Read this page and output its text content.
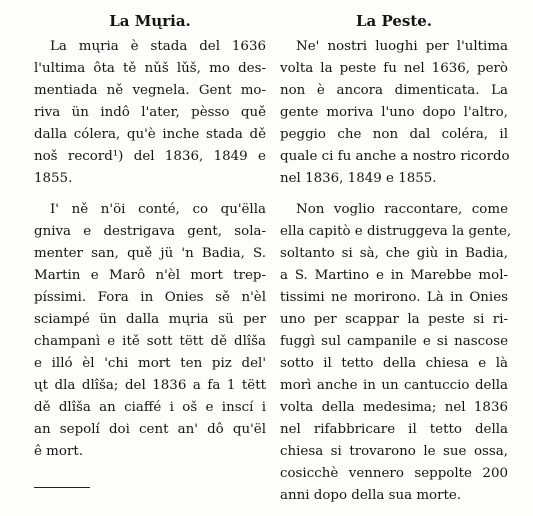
La Mųria.
La mųria è stada del 1636
l'ultima ôta tě nǔš lǔš, mo des-
mentiada ně vegnela. Gent mo-
riva ün indô l'ater, pèsso quě
dalla cólera, qu'è inche stada dě
noš record¹) del 1836, 1849 e
1855.
I' ně n'öi conté, co qu'ëlla
gniva e destrigava gent, sola-
menter san, quě jü 'n Badia, S.
Martin e Marô n'èl mort trep-
píssimi. Fora in Onies sě n'èl
sciampé ün dalla mųria sü per
champanì e itě sott tëtt dě dlîša
e illó èl 'chi mort ten piz del'
ųt dla dlîša; del 1836 a fa 1 tëtt
dě dlîša an ciaffé i oš e inscí i
an sepolí doi cent an' dô qu'ël
ê mort.
La Peste.
Ne' nostri luoghi per l'ultima
volta la peste fu nel 1636, però
non è ancora dimenticata. La
gente moriva l'uno dopo l'altro,
peggio che non dal coléra, il
quale ci fu anche a nostro ricordo
nel 1836, 1849 e 1855.
Non voglio raccontare, come
ella capitò e distruggeva la gente,
soltanto si sà, che giù in Badia,
a S. Martino e in Marebbe mol-
tissimi ne morirono. Là in Onies
uno per scappar la peste si ri-
fuggì sul campanile e si nascose
sotto il tetto della chiesa e là
morì anche in un cantuccio della
volta della medesima; nel 1836
nel rifabbricare il tetto della
chiesa si trovarono le sue ossa,
cosicchè vennero seppolte 200
anni dopo della sua morte.
